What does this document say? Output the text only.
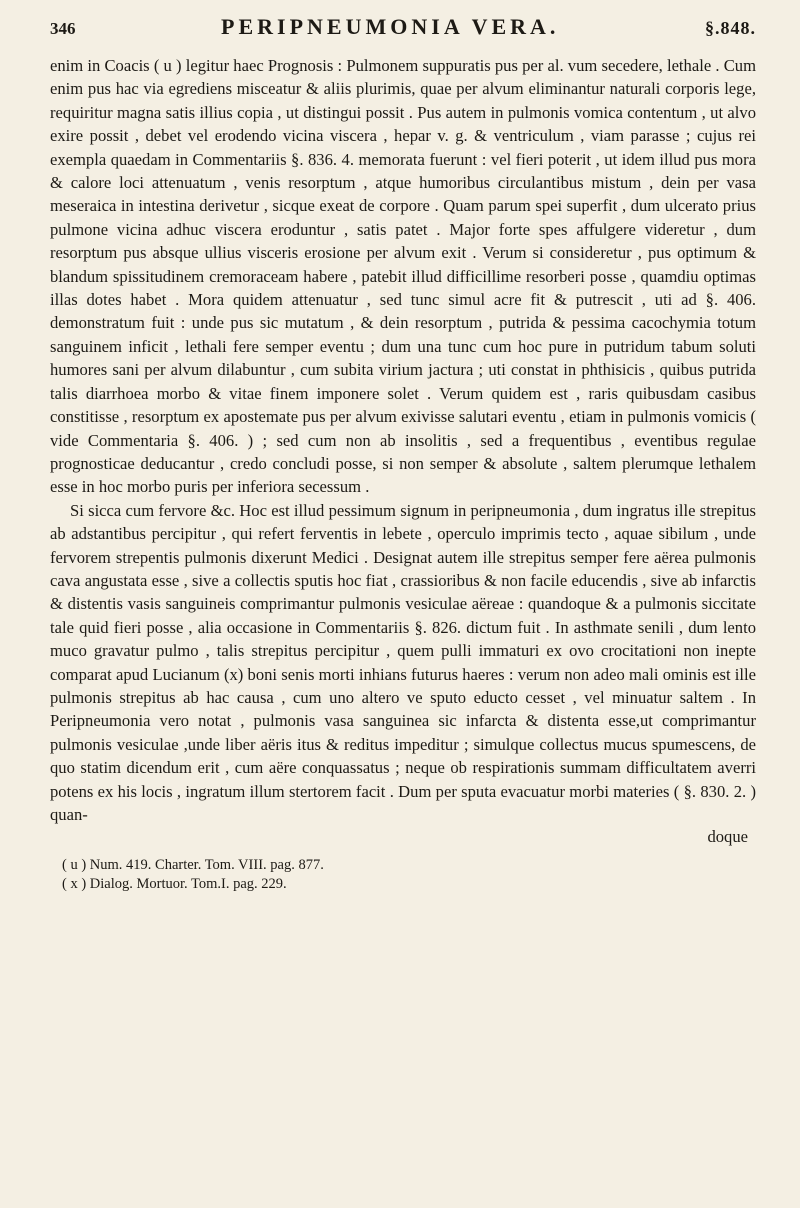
346	PERIPNEUMONIA VERA.	§.848.

enim in Coacis ( u ) legitur haec Prognosis : Pulmonem suppuratis pus per al. vum secedere, lethale . Cum enim pus hac via egrediens misceatur & aliis plurimis, quae per alvum eliminantur naturali corporis lege, requiritur magna satis illius copia , ut distingui possit . Pus autem in pulmonis vomica contentum , ut alvo exire possit , debet vel erodendo vicina viscera , hepar v. g. & ventriculum , viam parasse ; cujus rei exempla quaedam in Commentariis §. 836. 4. memorata fuerunt : vel fieri poterit , ut idem illud pus mora & calore loci attenuatum , venis resorptum , atque humoribus circulantibus mistum , dein per vasa meseraica in intestina derivetur , sicque exeat de corpore . Quam parum spei superfit , dum ulcerato prius pulmone vicina adhuc viscera eroduntur , satis patet . Major forte spes affulgere videretur , dum resorptum pus absque ullius visceris erosione per alvum exit . Verum si consideretur , pus optimum & blandum spissitudinem cremoraceam habere , patebit illud difficillime resorberi posse , quamdiu optimas illas dotes habet . Mora quidem attenuatur , sed tunc simul acre fit & putrescit , uti ad §. 406. demonstratum fuit : unde pus sic mutatum , & dein resorptum , putrida & pessima cacochymia totum sanguinem inficit , lethali fere semper eventu ; dum una tunc cum hoc pure in putridum tabum soluti humores sani per alvum dilabuntur , cum subita virium jactura ; uti constat in phthisicis , quibus putrida talis diarrhoea morbo & vitae finem imponere solet . Verum quidem est , raris quibusdam casibus constitisse , resorptum ex apostemate pus per alvum exivisse salutari eventu , etiam in pulmonis vomicis ( vide Commentaria §. 406. ) ; sed cum non ab insolitis , sed a frequentibus , eventibus regulae prognosticae deducantur , credo concludi posse, si non semper & absolute , saltem plerumque lethalem esse in hoc morbo puris per inferiora secessum .

Si sicca cum fervore &c. Hoc est illud pessimum signum in peripneumonia , dum ingratus ille strepitus ab adstantibus percipitur , qui refert ferventis in lebete , operculo imprimis tecto , aquae sibilum , unde fervorem strepentis pulmonis dixerunt Medici . Designat autem ille strepitus semper fere aërea pulmonis cava angustata esse , sive a collectis sputis hoc fiat , crassioribus & non facile educendis , sive ab infarctis & distentis vasis sanguineis comprimantur pulmonis vesiculae aëreae : quandoque & a pulmonis siccitate tale quid fieri posse , alia occasione in Commentariis §. 826. dictum fuit . In asthmate senili , dum lento muco gravatur pulmo , talis strepitus percipitur , quem pulli immaturi ex ovo crocitationi non inepte comparat apud Lucianum (x) boni senis morti inhians futurus haeres : verum non adeo mali ominis est ille pulmonis strepitus ab hac causa , cum uno altero ve sputo educto cesset , vel minuatur saltem . In Peripneumonia vero notat , pulmonis vasa sanguinea sic infarcta & distenta esse,ut comprimantur pulmonis vesiculae ,unde liber aëris itus & reditus impeditur ; simulque collectus mucus spumescens, de quo statim dicendum erit , cum aëre conquassatus ; neque ob respirationis summam difficultatem averri potens ex his locis , ingratum illum stertorem facit . Dum per sputa evacuatur morbi materies ( §. 830. 2. ) quan-

doque
( u ) Num. 419. Charter. Tom. VIII. pag. 877.
( x ) Dialog. Mortuor. Tom.I. pag. 229.
